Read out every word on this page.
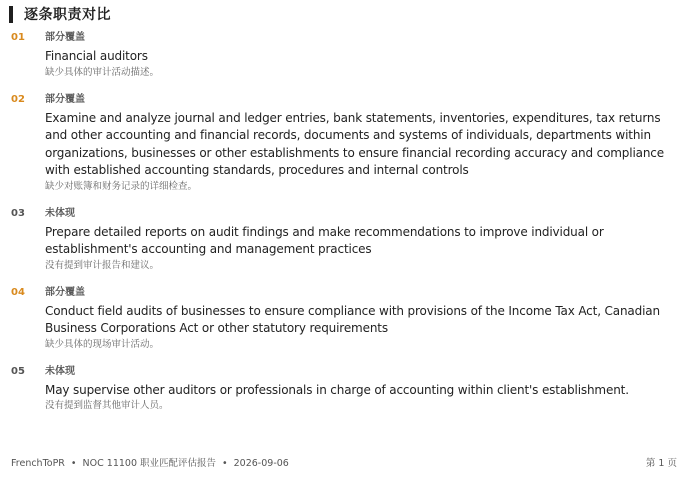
逐条职责对比
01 部分覆盖
Financial auditors
缺少具体的审计活动描述。
02 部分覆盖
Examine and analyze journal and ledger entries, bank statements, inventories, expenditures, tax returns and other accounting and financial records, documents and systems of individuals, departments within organizations, businesses or other establishments to ensure financial recording accuracy and compliance with established accounting standards, procedures and internal controls
缺少对账簿和财务记录的详细检查。
03 未体现
Prepare detailed reports on audit findings and make recommendations to improve individual or establishment's accounting and management practices
没有提到审计报告和建议。
04 部分覆盖
Conduct field audits of businesses to ensure compliance with provisions of the Income Tax Act, Canadian Business Corporations Act or other statutory requirements
缺少具体的现场审计活动。
05 未体现
May supervise other auditors or professionals in charge of accounting within client's establishment.
没有提到监督其他审计人员。
FrenchToPR • NOC 11100 职业匹配评估报告 • 2026-09-06	第 1 页
